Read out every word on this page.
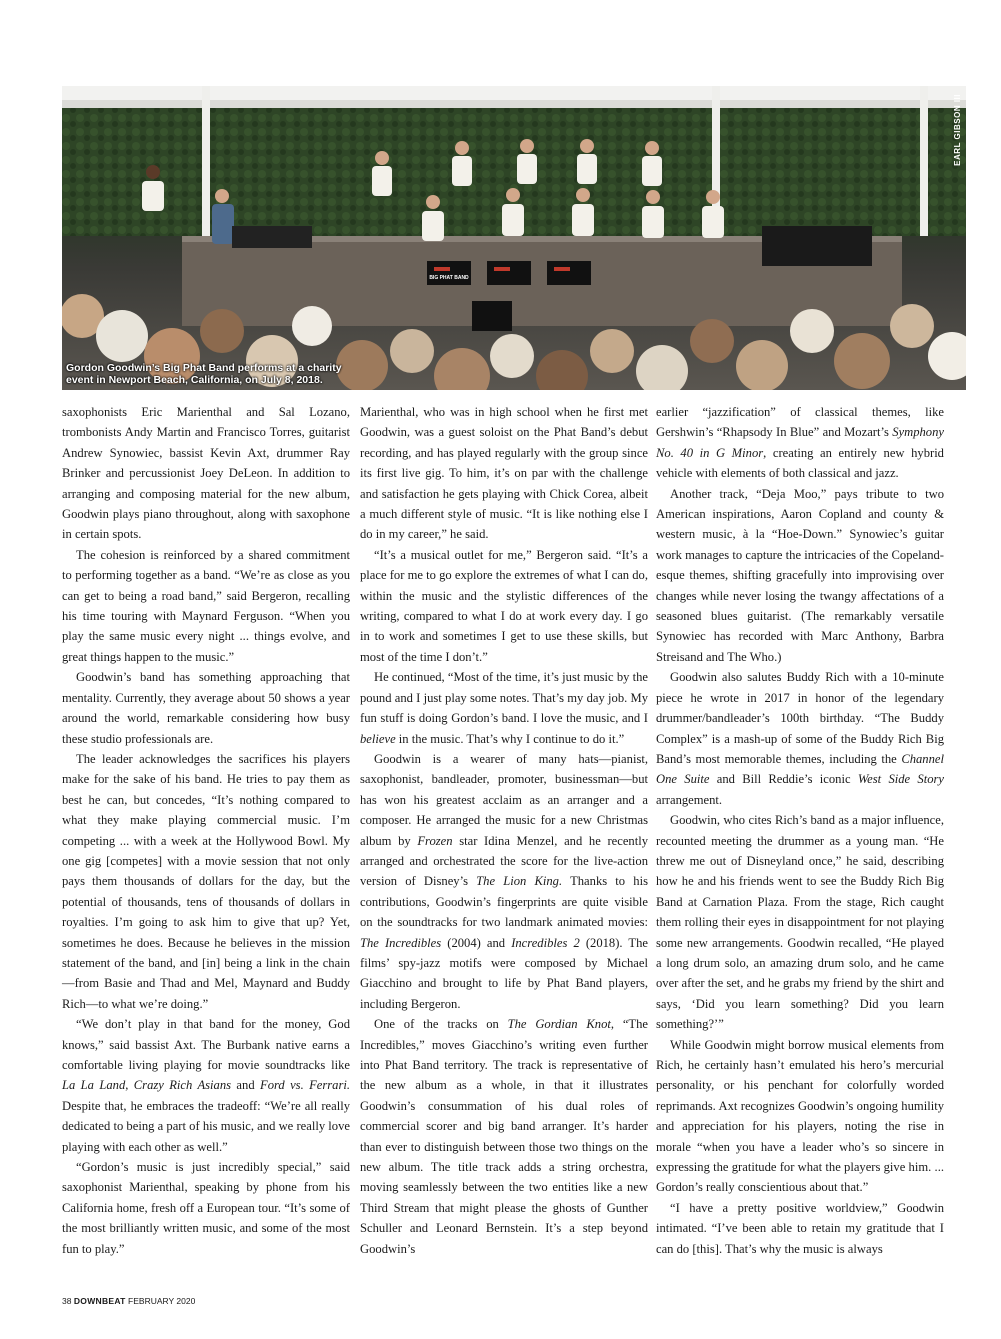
BIG PHAT BAND
EARL GIBSON III
Gordon Goodwin’s Big Phat Band performs at a charity event in Newport Beach, California, on July 8, 2018.

saxophonists Eric Marienthal and Sal Lozano, trombonists Andy Martin and Francisco Torres, guitarist Andrew Synowiec, bassist Kevin Axt, drummer Ray Brinker and percussionist Joey DeLeon. In addition to arranging and composing material for the new album, Goodwin plays piano throughout, along with saxophone in certain spots.

The cohesion is reinforced by a shared commitment to performing together as a band. “We’re as close as you can get to being a road band,” said Bergeron, recalling his time touring with Maynard Ferguson. “When you play the same music every night ... things evolve, and great things happen to the music.”

Goodwin’s band has something approaching that mentality. Currently, they average about 50 shows a year around the world, remarkable considering how busy these studio professionals are.

The leader acknowledges the sacrifices his players make for the sake of his band. He tries to pay them as best he can, but concedes, “It’s nothing compared to what they make playing commercial music. I’m competing ... with a week at the Hollywood Bowl. My one gig [competes] with a movie session that not only pays them thousands of dollars for the day, but the potential of thousands, tens of thousands of dollars in royalties. I’m going to ask him to give that up? Yet, sometimes he does. Because he believes in the mission statement of the band, and [in] being a link in the chain—from Basie and Thad and Mel, Maynard and Buddy Rich—to what we’re doing.”

“We don’t play in that band for the money, God knows,” said bassist Axt. The Burbank native earns a comfortable living playing for movie soundtracks like La La Land, Crazy Rich Asians and Ford vs. Ferrari. Despite that, he embraces the tradeoff: “We’re all really dedicated to being a part of his music, and we really love playing with each other as well.”

“Gordon’s music is just incredibly special,” said saxophonist Marienthal, speaking by phone from his California home, fresh off a European tour. “It’s some of the most brilliantly written music, and some of the most fun to play.”

Marienthal, who was in high school when he first met Goodwin, was a guest soloist on the Phat Band’s debut recording, and has played regularly with the group since its first live gig. To him, it’s on par with the challenge and satisfaction he gets playing with Chick Corea, albeit a much different style of music. “It is like nothing else I do in my career,” he said.

“It’s a musical outlet for me,” Bergeron said. “It’s a place for me to go explore the extremes of what I can do, within the music and the stylistic differences of the writing, compared to what I do at work every day. I go in to work and sometimes I get to use these skills, but most of the time I don’t.”

He continued, “Most of the time, it’s just music by the pound and I just play some notes. That’s my day job. My fun stuff is doing Gordon’s band. I love the music, and I believe in the music. That’s why I continue to do it.”

Goodwin is a wearer of many hats—pianist, saxophonist, bandleader, promoter, businessman—but has won his greatest acclaim as an arranger and a composer. He arranged the music for a new Christmas album by Frozen star Idina Menzel, and he recently arranged and orchestrated the score for the live-action version of Disney’s The Lion King. Thanks to his contributions, Goodwin’s fingerprints are quite visible on the soundtracks for two landmark animated movies: The Incredibles (2004) and Incredibles 2 (2018). The films’ spy-jazz motifs were composed by Michael Giacchino and brought to life by Phat Band players, including Bergeron.

One of the tracks on The Gordian Knot, “The Incredibles,” moves Giacchino’s writing even further into Phat Band territory. The track is representative of the new album as a whole, in that it illustrates Goodwin’s consummation of his dual roles of commercial scorer and big band arranger. It’s harder than ever to distinguish between those two things on the new album. The title track adds a string orchestra, moving seamlessly between the two entities like a new Third Stream that might please the ghosts of Gunther Schuller and Leonard Bernstein. It’s a step beyond Goodwin’s

earlier “jazzification” of classical themes, like Gershwin’s “Rhapsody In Blue” and Mozart’s Symphony No. 40 in G Minor, creating an entirely new hybrid vehicle with elements of both classical and jazz.

Another track, “Deja Moo,” pays tribute to two American inspirations, Aaron Copland and county & western music, à la “Hoe-Down.” Synowiec’s guitar work manages to capture the intricacies of the Copeland-esque themes, shifting gracefully into improvising over changes while never losing the twangy affectations of a seasoned blues guitarist. (The remarkably versatile Synowiec has recorded with Marc Anthony, Barbra Streisand and The Who.)

Goodwin also salutes Buddy Rich with a 10-minute piece he wrote in 2017 in honor of the legendary drummer/bandleader’s 100th birthday. “The Buddy Complex” is a mash-up of some of the Buddy Rich Big Band’s most memorable themes, including the Channel One Suite and Bill Reddie’s iconic West Side Story arrangement.

Goodwin, who cites Rich’s band as a major influence, recounted meeting the drummer as a young man. “He threw me out of Disneyland once,” he said, describing how he and his friends went to see the Buddy Rich Big Band at Carnation Plaza. From the stage, Rich caught them rolling their eyes in disappointment for not playing some new arrangements. Goodwin recalled, “He played a long drum solo, an amazing drum solo, and he came over after the set, and he grabs my friend by the shirt and says, ‘Did you learn something? Did you learn something?’”

While Goodwin might borrow musical elements from Rich, he certainly hasn’t emulated his hero’s mercurial personality, or his penchant for colorfully worded reprimands. Axt recognizes Goodwin’s ongoing humility and appreciation for his players, noting the rise in morale “when you have a leader who’s so sincere in expressing the gratitude for what the players give him. ... Gordon’s really conscientious about that.”

“I have a pretty positive worldview,” Goodwin intimated. “I’ve been able to retain my gratitude that I can do [this]. That’s why the music is always

38 DOWNBEAT FEBRUARY 2020
